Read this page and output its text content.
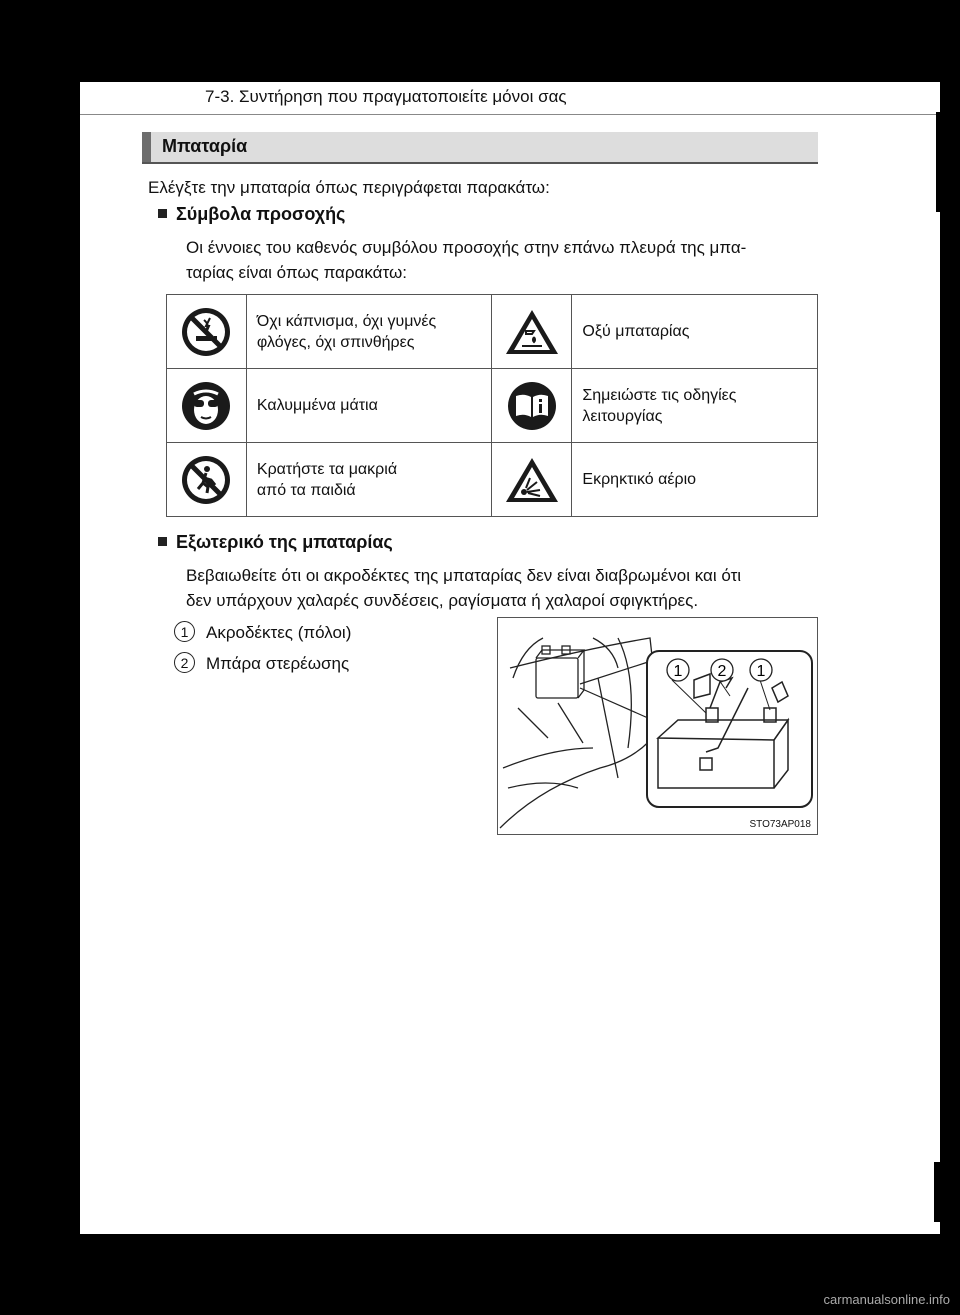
7-3. Συντήρηση που πραγματοποιείτε μόνοι σας
Μπαταρία
Ελέγξτε την μπαταρία όπως περιγράφεται παρακάτω:
Σύμβολα προσοχής
Οι έννοιες του καθενός συμβόλου προσοχής στην επάνω πλευρά της μπα-
ταρίας είναι όπως παρακάτω:
	Όχι κάπνισμα, όχι γυμνές
φλόγες, όχι σπινθήρες		Οξύ μπαταρίας

	Καλυμμένα μάτια		Σημειώστε τις οδηγίες
λειτουργίας

	Κρατήστε τα μακριά
από τα παιδιά		Εκρηκτικό αέριο

Εξωτερικό της μπαταρίας
Βεβαιωθείτε ότι οι ακροδέκτες της μπαταρίας δεν είναι διαβρωμένοι και ότι
δεν υπάρχουν χαλαρές συνδέσεις, ραγίσματα ή χαλαροί σφιγκτήρες.
1 Ακροδέκτες (πόλοι)
2 Μπάρα στερέωσης	1 2 1
STO73AP018
carmanualsonline.info
